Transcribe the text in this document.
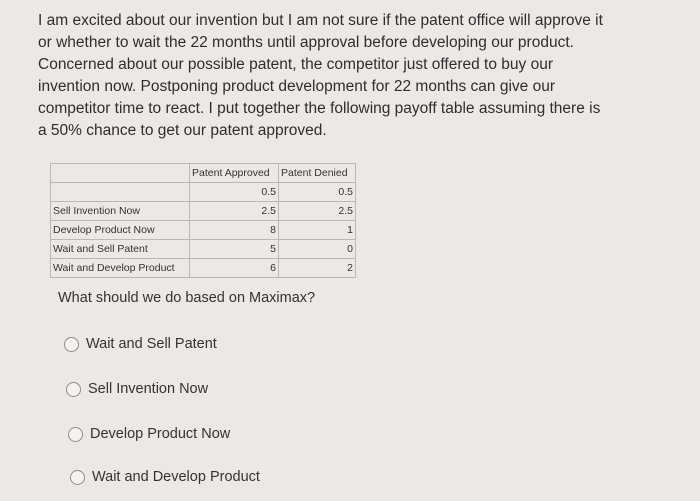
I am excited about our invention but I am not sure if the patent office will approve it
or whether to wait the 22 months until approval before developing our product.
Concerned about our possible patent, the competitor just offered to buy our
invention now. Postponing product development for 22 months can give our
competitor time to react. I put together the following payoff table assuming there is
a 50% chance to get our patent approved.
	Patent Approved	Patent Denied
	0.5	0.5
Sell Invention Now	2.5	2.5
Develop Product Now	8	1
Wait and Sell Patent	5	0
Wait and Develop Product	6	2
What should we do based on Maximax?
Wait and Sell Patent
Sell Invention Now
Develop Product Now
Wait and Develop Product
